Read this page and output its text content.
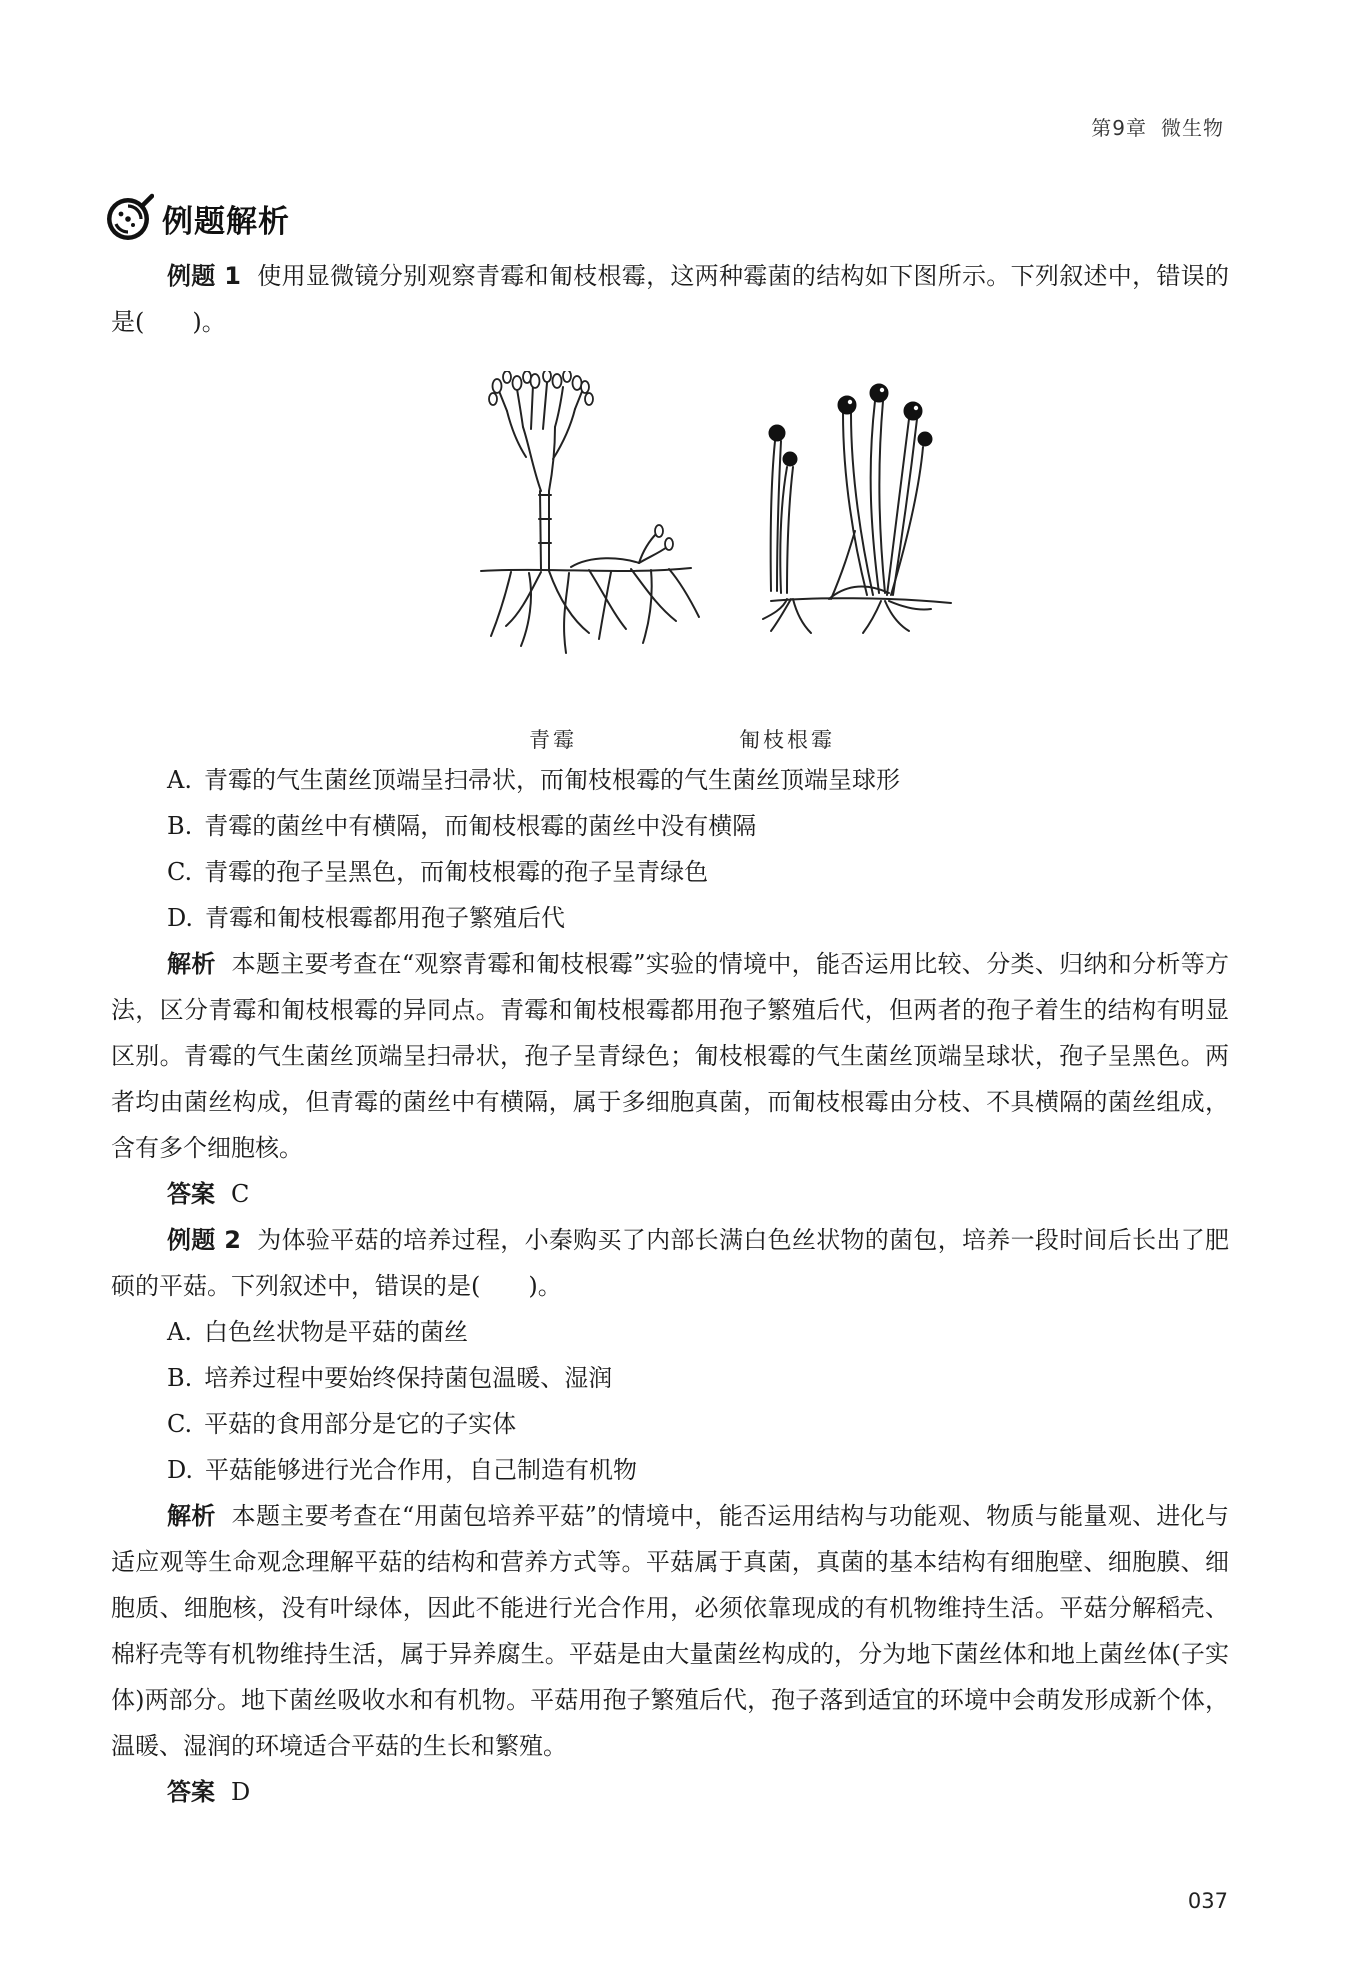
第9章 微生物
例题解析

例题 1 使用显微镜分别观察青霉和匍枝根霉，这两种霉菌的结构如下图所示。下列叙述中，错误的是(　　)。

青霉	匍枝根霉

A. 青霉的气生菌丝顶端呈扫帚状，而匍枝根霉的气生菌丝顶端呈球形

B. 青霉的菌丝中有横隔，而匍枝根霉的菌丝中没有横隔

C. 青霉的孢子呈黑色，而匍枝根霉的孢子呈青绿色

D. 青霉和匍枝根霉都用孢子繁殖后代

解析 本题主要考查在“观察青霉和匍枝根霉”实验的情境中，能否运用比较、分类、归纳和分析等方法，区分青霉和匍枝根霉的异同点。青霉和匍枝根霉都用孢子繁殖后代，但两者的孢子着生的结构有明显区别。青霉的气生菌丝顶端呈扫帚状，孢子呈青绿色；匍枝根霉的气生菌丝顶端呈球状，孢子呈黑色。两者均由菌丝构成，但青霉的菌丝中有横隔，属于多细胞真菌，而匍枝根霉由分枝、不具横隔的菌丝组成，含有多个细胞核。

答案 C

例题 2 为体验平菇的培养过程，小秦购买了内部长满白色丝状物的菌包，培养一段时间后长出了肥硕的平菇。下列叙述中，错误的是(　　)。

A. 白色丝状物是平菇的菌丝

B. 培养过程中要始终保持菌包温暖、湿润

C. 平菇的食用部分是它的子实体

D. 平菇能够进行光合作用，自己制造有机物

解析 本题主要考查在“用菌包培养平菇”的情境中，能否运用结构与功能观、物质与能量观、进化与适应观等生命观念理解平菇的结构和营养方式等。平菇属于真菌，真菌的基本结构有细胞壁、细胞膜、细胞质、细胞核，没有叶绿体，因此不能进行光合作用，必须依靠现成的有机物维持生活。平菇分解稻壳、棉籽壳等有机物维持生活，属于异养腐生。平菇是由大量菌丝构成的，分为地下菌丝体和地上菌丝体(子实体)两部分。地下菌丝吸收水和有机物。平菇用孢子繁殖后代，孢子落到适宜的环境中会萌发形成新个体，温暖、湿润的环境适合平菇的生长和繁殖。

答案 D

037
